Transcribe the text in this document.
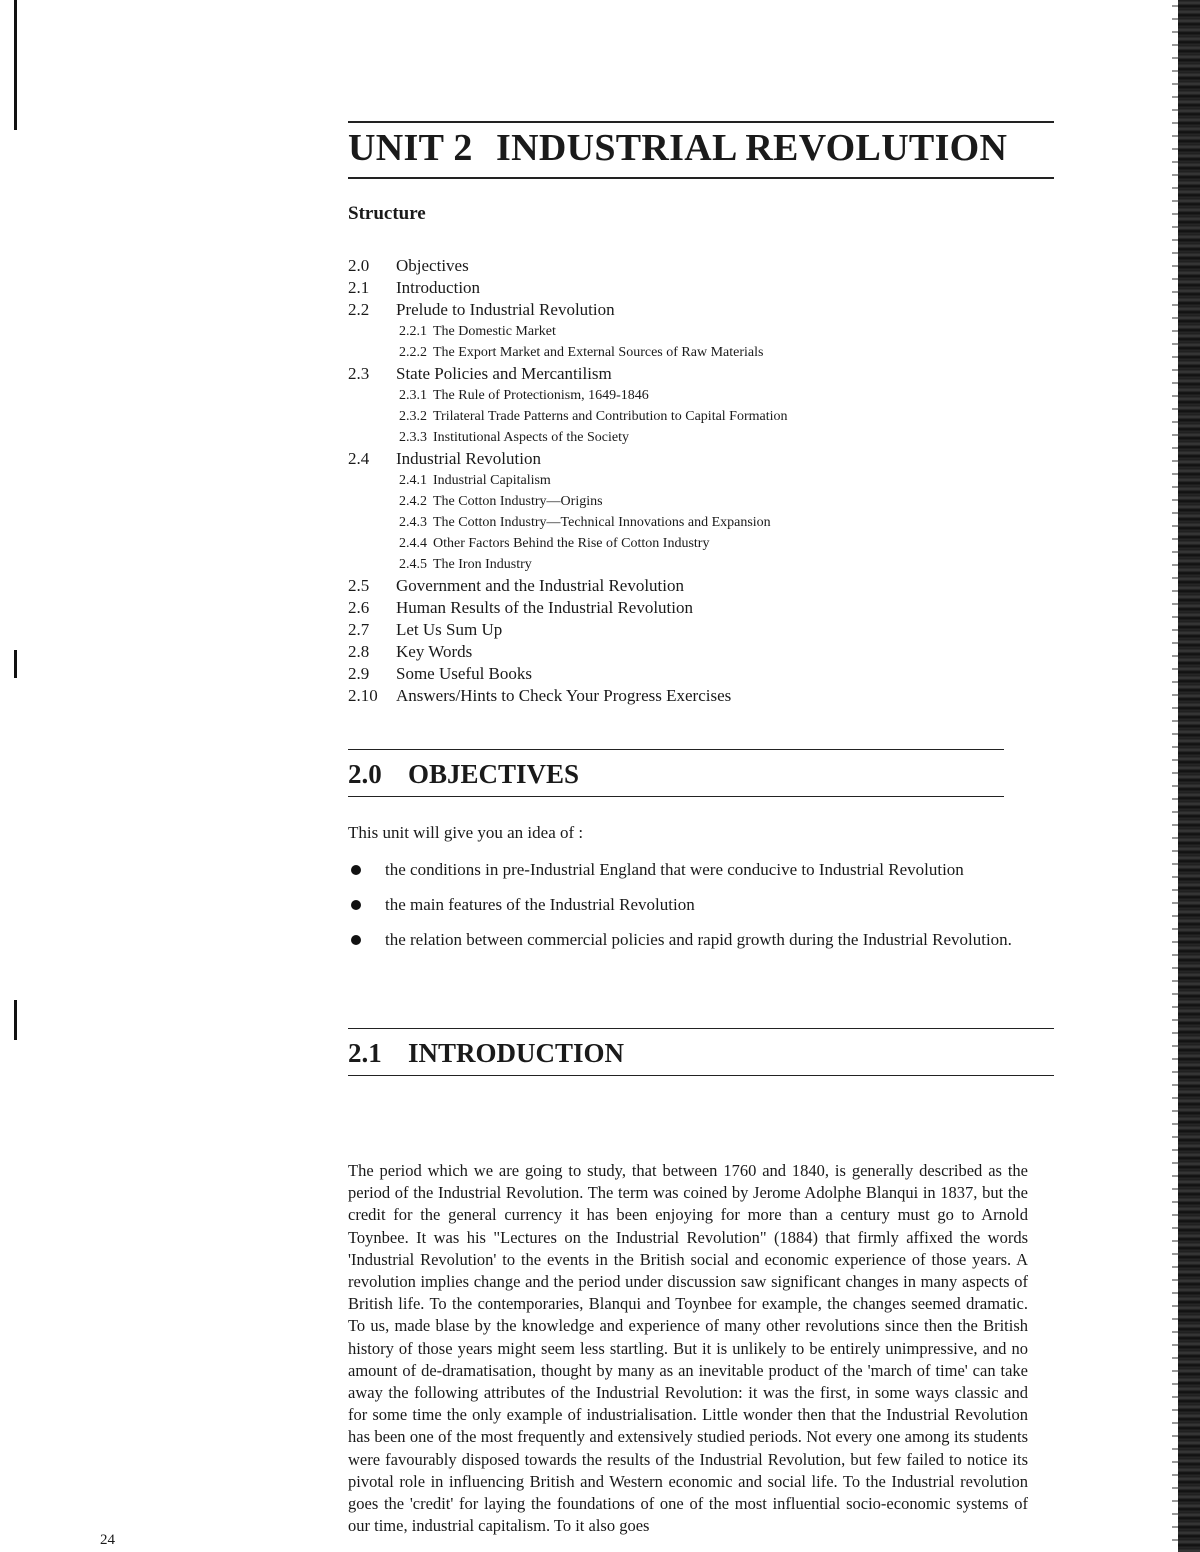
UNIT 2 INDUSTRIAL REVOLUTION
Structure
2.0 Objectives
2.1 Introduction
2.2 Prelude to Industrial Revolution
2.2.1 The Domestic Market
2.2.2 The Export Market and External Sources of Raw Materials
2.3 State Policies and Mercantilism
2.3.1 The Rule of Protectionism, 1649-1846
2.3.2 Trilateral Trade Patterns and Contribution to Capital Formation
2.3.3 Institutional Aspects of the Society
2.4 Industrial Revolution
2.4.1 Industrial Capitalism
2.4.2 The Cotton Industry—Origins
2.4.3 The Cotton Industry—Technical Innovations and Expansion
2.4.4 Other Factors Behind the Rise of Cotton Industry
2.4.5 The Iron Industry
2.5 Government and the Industrial Revolution
2.6 Human Results of the Industrial Revolution
2.7 Let Us Sum Up
2.8 Key Words
2.9 Some Useful Books
2.10 Answers/Hints to Check Your Progress Exercises
2.0 OBJECTIVES
This unit will give you an idea of :
the conditions in pre-Industrial England that were conducive to Industrial Revolution
the main features of the Industrial Revolution
the relation between commercial policies and rapid growth during the Industrial Revolution.
2.1 INTRODUCTION

The period which we are going to study, that between 1760 and 1840, is generally described as the period of the Industrial Revolution. The term was coined by Jerome Adolphe Blanqui in 1837, but the credit for the general currency it has been enjoying for more than a century must go to Arnold Toynbee. It was his "Lectures on the Industrial Revolution" (1884) that firmly affixed the words 'Industrial Revolution' to the events in the British social and economic experience of those years. A revolution implies change and the period under discussion saw significant changes in many aspects of British life. To the contemporaries, Blanqui and Toynbee for example, the changes seemed dramatic. To us, made blase by the knowledge and experience of many other revolutions since then the British history of those years might seem less startling. But it is unlikely to be entirely unimpressive, and no amount of de-dramatisation, thought by many as an inevitable product of the 'march of time' can take away the following attributes of the Industrial Revolution: it was the first, in some ways classic and for some time the only example of industrialisation. Little wonder then that the Industrial Revolution has been one of the most frequently and extensively studied periods. Not every one among its students were favourably disposed towards the results of the Industrial Revolution, but few failed to notice its pivotal role in influencing British and Western economic and social life. To the Industrial revolution goes the 'credit' for laying the foundations of one of the most influential socio-economic systems of our time, industrial capitalism. To it also goes

24
